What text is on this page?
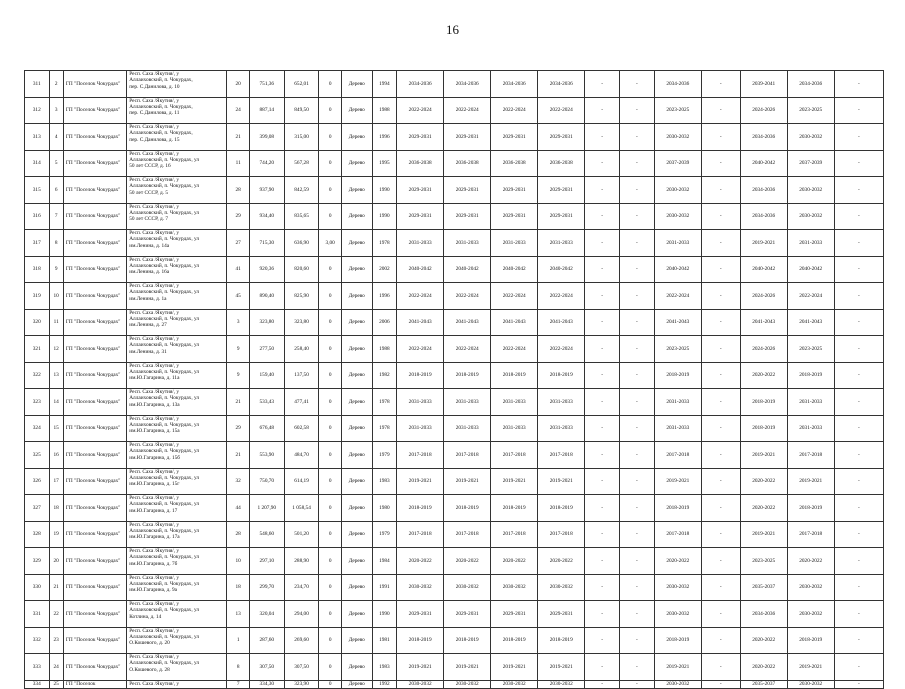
16
311	2	ГП "Поселок Чокурдах"	Респ. Саха /Якутия/, у
Аллаиховский, п. Чокурдах,
пер. С.Данилова, д. 10	20	751,36	652,01	0	Дерево	1994	2034-2036	2034-2036	2034-2036	2034-2036	-	-	2034-2036	-	2039-2041	2034-2036	-
312	3	ГП "Поселок Чокурдах"	Респ. Саха /Якутия/, у
Аллаиховский, п. Чокурдах,
пер. С.Данилова, д. 11	24	887,14	849,50	0	Дерево	1988	2022-2024	2022-2024	2022-2024	2022-2024	-	-	2023-2025	-	2024-2026	2023-2025	-
313	4	ГП "Поселок Чокурдах"	Респ. Саха /Якутия/, у
Аллаиховский, п. Чокурдах,
пер. С.Данилова, д. 15	21	399,08	315,00	0	Дерево	1996	2029-2031	2029-2031	2029-2031	2029-2031	-	-	2030-2032	-	2034-2036	2030-2032	-
314	5	ГП "Поселок Чокурдах"	Респ. Саха /Якутия/, у
Аллаиховский, п. Чокурдах, ул
50 лет СССР, д. 16	11	744,20	567,28	0	Дерево	1995	2036-2038	2036-2038	2036-2038	2036-2038	-	-	2037-2039	-	2040-2042	2037-2039	-
315	6	ГП "Поселок Чокурдах"	Респ. Саха /Якутия/, у
Аллаиховский, п. Чокурдах, ул
50 лет СССР, д. 5	28	937,90	842,59	0	Дерево	1990	2029-2031	2029-2031	2029-2031	2029-2031	-	-	2030-2032	-	2034-2036	2030-2032	-
316	7	ГП "Поселок Чокурдах"	Респ. Саха /Якутия/, у
Аллаиховский, п. Чокурдах, ул
50 лет СССР, д. 7	29	934,40	835,65	0	Дерево	1990	2029-2031	2029-2031	2029-2031	2029-2031	-	-	2030-2032	-	2034-2036	2030-2032	-
317	8	ГП "Поселок Чокурдах"	Респ. Саха /Якутия/, у
Аллаиховский, п. Чокурдах, ул
им.Ленина, д. 14а	27	715,30	636,90	3,00	Дерево	1978	2031-2033	2031-2033	2031-2033	2031-2033	-	-	2031-2033	-	2019-2021	2031-2033	-
318	9	ГП "Поселок Чокурдах"	Респ. Саха /Якутия/, у
Аллаиховский, п. Чокурдах, ул
им.Ленина, д. 16а	41	920,36	820,60	0	Дерево	2002	2040-2042	2040-2042	2040-2042	2040-2042	-	-	2040-2042	-	2040-2042	2040-2042	-
319	10	ГП "Поселок Чокурдах"	Респ. Саха /Якутия/, у
Аллаиховский, п. Чокурдах, ул
им.Ленина, д. 1а	45	890,40	825,90	0	Дерево	1996	2022-2024	2022-2024	2022-2024	2022-2024	-	-	2022-2024	-	2024-2026	2022-2024	-
320	11	ГП "Поселок Чокурдах"	Респ. Саха /Якутия/, у
Аллаиховский, п. Чокурдах, ул
им.Ленина, д. 27	3	323,80	323,80	0	Дерево	2006	2041-2043	2041-2043	2041-2043	2041-2043	-	-	2041-2043	-	2041-2043	2041-2043	-
321	12	ГП "Поселок Чокурдах"	Респ. Саха /Якутия/, у
Аллаиховский, п. Чокурдах, ул
им.Ленина, д. 31	9	277,50	258,40	0	Дерево	1988	2022-2024	2022-2024	2022-2024	2022-2024	-	-	2023-2025	-	2024-2026	2023-2025	-
322	13	ГП "Поселок Чокурдах"	Респ. Саха /Якутия/, у
Аллаиховский, п. Чокурдах, ул
им.Ю.Гагарина, д. 11а	9	159,40	137,50	0	Дерево	1982	2018-2019	2018-2019	2018-2019	2018-2019	-	-	2018-2019	-	2020-2022	2018-2019	-
323	14	ГП "Поселок Чокурдах"	Респ. Саха /Якутия/, у
Аллаиховский, п. Чокурдах, ул
им.Ю.Гагарина, д. 13а	21	533,43	477,41	0	Дерево	1978	2031-2033	2031-2033	2031-2033	2031-2033	-	-	2031-2033	-	2018-2019	2031-2033	-
324	15	ГП "Поселок Чокурдах"	Респ. Саха /Якутия/, у
Аллаиховский, п. Чокурдах, ул
им.Ю.Гагарина, д. 15а	29	676,48	602,58	0	Дерево	1978	2031-2033	2031-2033	2031-2033	2031-2033	-	-	2031-2033	-	2018-2019	2031-2033	-
325	16	ГП "Поселок Чокурдах"	Респ. Саха /Якутия/, у
Аллаиховский, п. Чокурдах, ул
им.Ю.Гагарина, д. 15б	21	553,90	484,70	0	Дерево	1979	2017-2018	2017-2018	2017-2018	2017-2018	-	-	2017-2018	-	2019-2021	2017-2018	-
326	17	ГП "Поселок Чокурдах"	Респ. Саха /Якутия/, у
Аллаиховский, п. Чокурдах, ул
им.Ю.Гагарина, д. 15г	32	750,70	614,19	0	Дерево	1983	2019-2021	2019-2021	2019-2021	2019-2021	-	-	2019-2021	-	2020-2022	2019-2021	-
327	18	ГП "Поселок Чокурдах"	Респ. Саха /Якутия/, у
Аллаиховский, п. Чокурдах, ул
им.Ю.Гагарина, д. 17	44	1 207,90	1 058,54	0	Дерево	1980	2018-2019	2018-2019	2018-2019	2018-2019	-	-	2018-2019	-	2020-2022	2018-2019	-
328	19	ГП "Поселок Чокурдах"	Респ. Саха /Якутия/, у
Аллаиховский, п. Чокурдах, ул
им.Ю.Гагарина, д. 17а	28	548,60	501,20	0	Дерево	1979	2017-2018	2017-2018	2017-2018	2017-2018	-	-	2017-2018	-	2019-2021	2017-2018	-
329	20	ГП "Поселок Чокурдах"	Респ. Саха /Якутия/, у
Аллаиховский, п. Чокурдах, ул
им.Ю.Гагарина, д. 7б	10	297,10	288,90	0	Дерево	1984	2020-2022	2020-2022	2020-2022	2020-2022	-	-	2020-2022	-	2023-2025	2020-2022	-
330	21	ГП "Поселок Чокурдах"	Респ. Саха /Якутия/, у
Аллаиховский, п. Чокурдах, ул
им.Ю.Гагарина, д. 9а	18	299,70	234,70	0	Дерево	1991	2030-2032	2030-2032	2030-2032	2030-2032	-	-	2030-2032	-	2035-2037	2030-2032	-
331	22	ГП "Поселок Чокурдах"	Респ. Саха /Якутия/, у
Аллаиховский, п. Чокурдах, ул
Котлина, д. 14	13	320,04	294,00	0	Дерево	1990	2029-2031	2029-2031	2029-2031	2029-2031	-	-	2030-2032	-	2034-2036	2030-2032	-
332	23	ГП "Поселок Чокурдах"	Респ. Саха /Якутия/, у
Аллаиховский, п. Чокурдах, ул
О.Кошевого, д. 20	1	287,60	269,60	0	Дерево	1981	2018-2019	2018-2019	2018-2019	2018-2019	-	-	2018-2019	-	2020-2022	2018-2019	-
333	24	ГП "Поселок Чокурдах"	Респ. Саха /Якутия/, у
Аллаиховский, п. Чокурдах, ул
О.Кошевого, д. 28	8	307,50	307,50	0	Дерево	1983	2019-2021	2019-2021	2019-2021	2019-2021	-	-	2019-2021	-	2020-2022	2019-2021	-
334	25	ГП "Поселок	Респ. Саха /Якутия/, у	7	334,30	323,90	0	Дерево	1992	2030-2032	2030-2032	2030-2032	2030-2032	-	-	2030-2032	-	2035-2037	2030-2032	-
